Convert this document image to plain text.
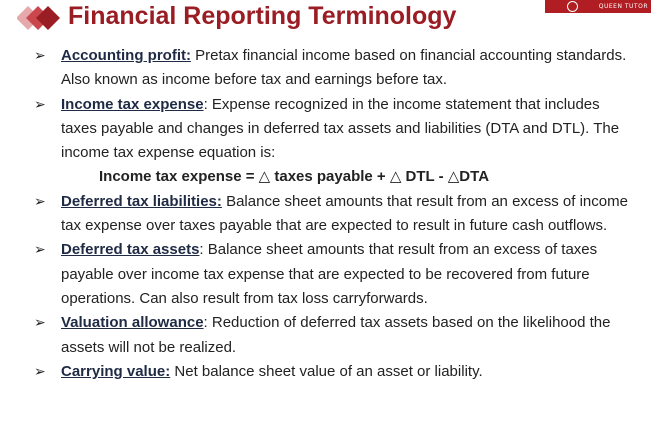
Financial Reporting Terminology	QUEEN TUTOR
➢ Accounting profit: Pretax financial income based on financial accounting standards. Also known as income before tax and earnings before tax.
➢ Income tax expense: Expense recognized in the income statement that includes taxes payable and changes in deferred tax assets and liabilities (DTA and DTL). The income tax expense equation is:
Income tax expense = △ taxes payable + △ DTL - △DTA
➢ Deferred tax liabilities: Balance sheet amounts that result from an excess of income tax expense over taxes payable that are expected to result in future cash outflows.
➢ Deferred tax assets: Balance sheet amounts that result from an excess of taxes payable over income tax expense that are expected to be recovered from future operations. Can also result from tax loss carryforwards.
➢ Valuation allowance: Reduction of deferred tax assets based on the likelihood the assets will not be realized.
➢ Carrying value: Net balance sheet value of an asset or liability.
